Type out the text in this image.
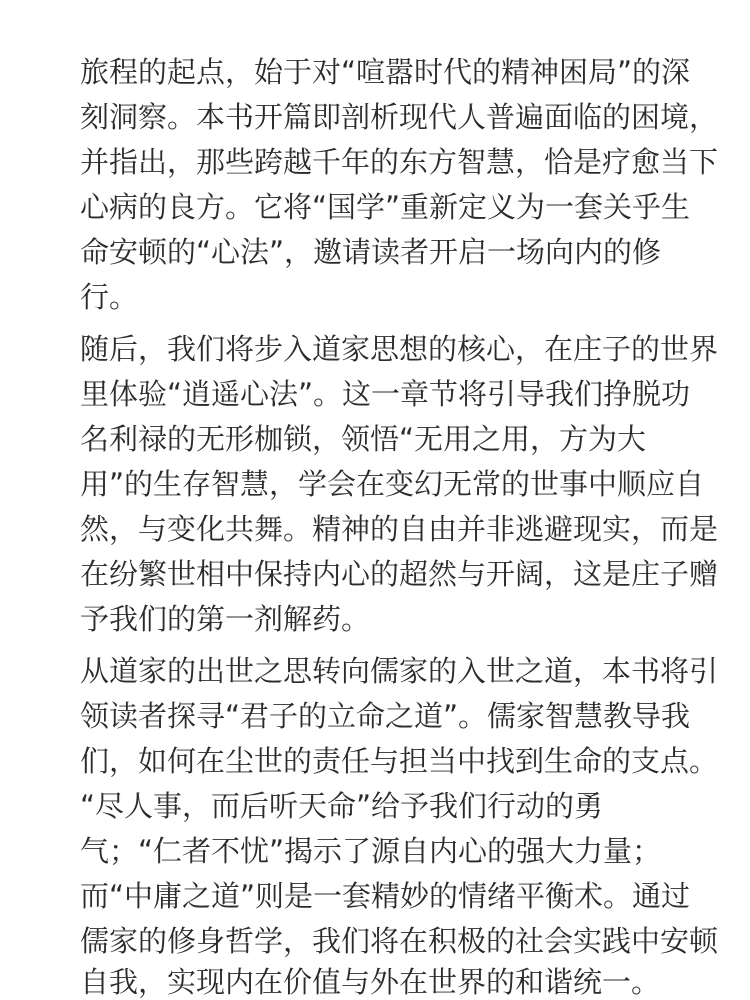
旅程的起点，始于对“喧嚣时代的精神困局”的深
刻洞察。本书开篇即剖析现代人普遍面临的困境，
并指出，那些跨越千年的东方智慧，恰是疗愈当下
心病的良方。它将“国学”重新定义为一套关乎生
命安顿的“心法”，邀请读者开启一场向内的修
行。
随后，我们将步入道家思想的核心，在庄子的世界
里体验“逍遥心法”。这一章节将引导我们挣脱功
名利禄的无形枷锁，领悟“无用之用，方为大
用”的生存智慧，学会在变幻无常的世事中顺应自
然，与变化共舞。精神的自由并非逃避现实，而是
在纷繁世相中保持内心的超然与开阔，这是庄子赠
予我们的第一剂解药。
从道家的出世之思转向儒家的入世之道，本书将引
领读者探寻“君子的立命之道”。儒家智慧教导我
们，如何在尘世的责任与担当中找到生命的支点。
“尽人事，而后听天命”给予我们行动的勇
气；“仁者不忧”揭示了源自内心的强大力量；
而“中庸之道”则是一套精妙的情绪平衡术。通过
儒家的修身哲学，我们将在积极的社会实践中安顿
自我，实现内在价值与外在世界的和谐统一。
